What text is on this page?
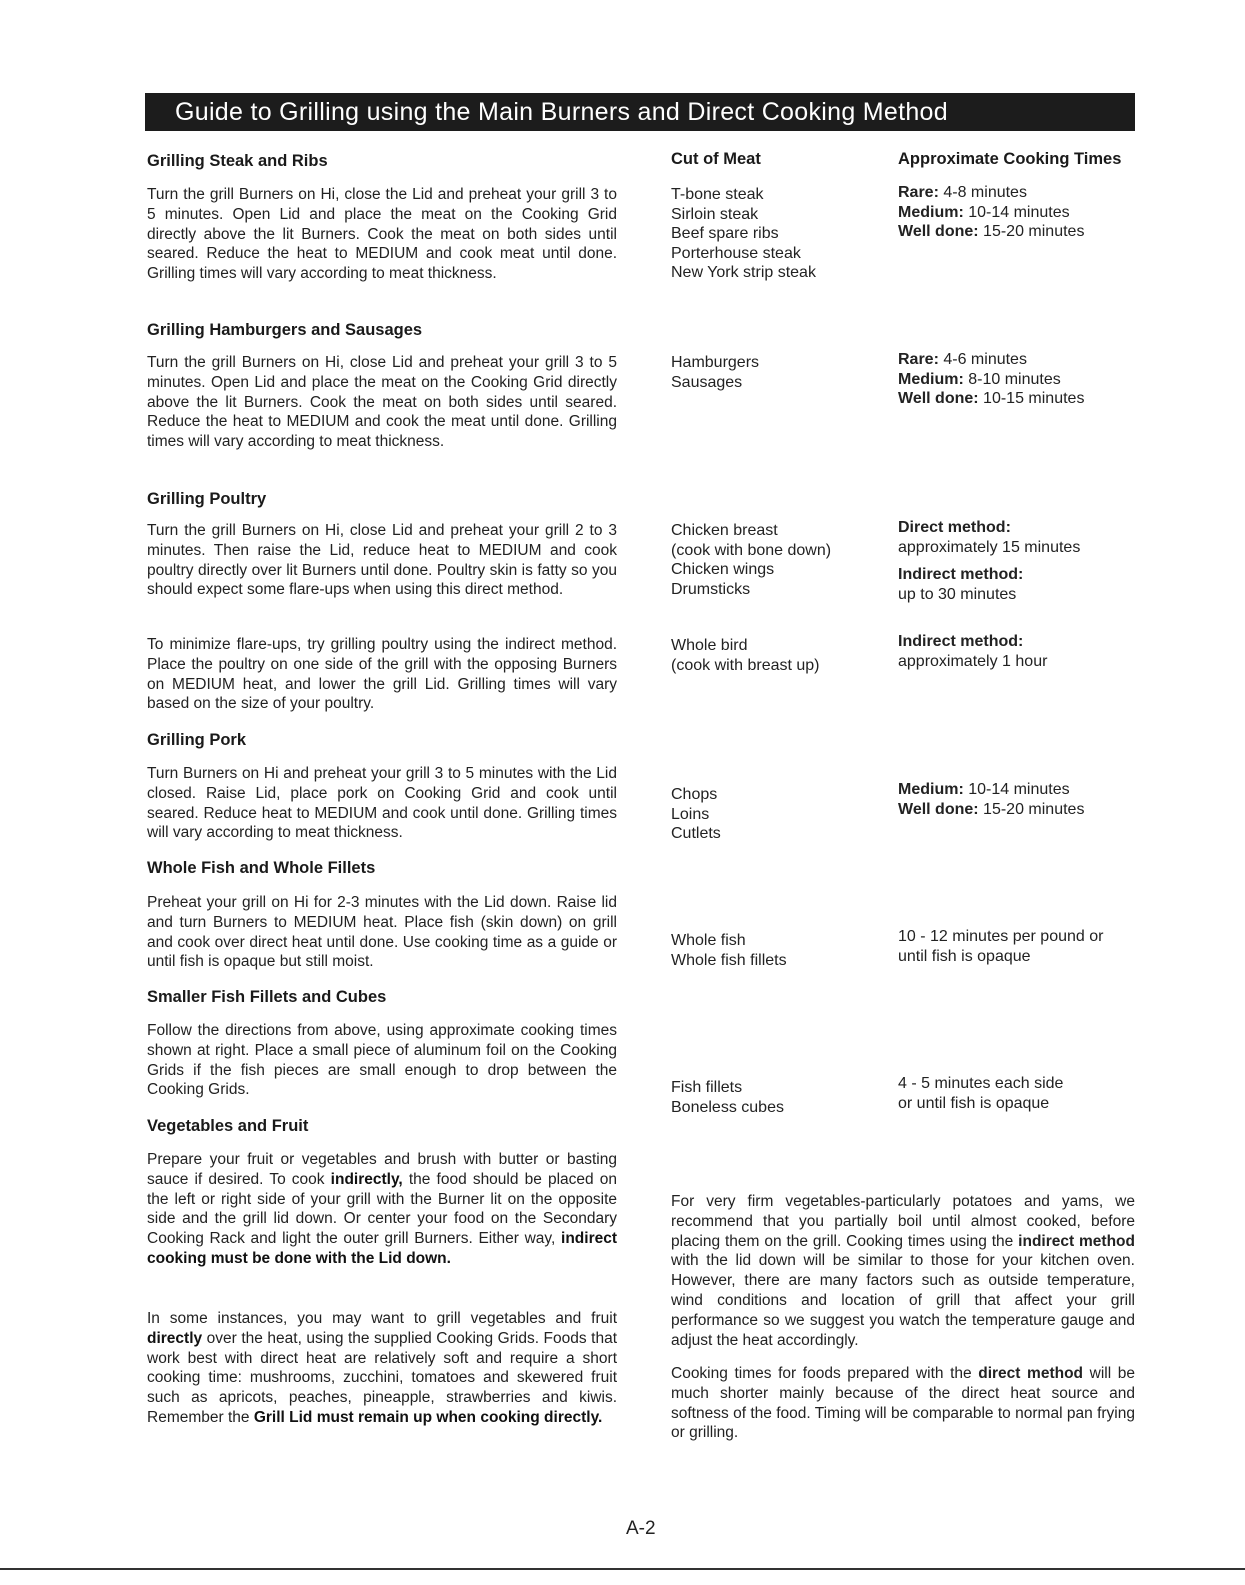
Guide to Grilling using the Main Burners and Direct Cooking Method
Cut of Meat	Approximate Cooking Times
Grilling Steak and Ribs
Turn the grill Burners on Hi, close the Lid and preheat your grill 3 to 5 minutes. Open Lid and place the meat on the Cooking Grid directly above the lit Burners. Cook the meat on both sides until seared. Reduce the heat to MEDIUM and cook meat until done. Grilling times will vary according to meat thickness.
T-bone steak
Sirloin steak
Beef spare ribs
Porterhouse steak
New York strip steak
Rare: 4-8 minutes
Medium: 10-14 minutes
Well done: 15-20 minutes
Grilling Hamburgers and Sausages
Turn the grill Burners on Hi, close Lid and preheat your grill 3 to 5 minutes. Open Lid and place the meat on the Cooking Grid directly above the lit Burners. Cook the meat on both sides until seared. Reduce the heat to MEDIUM and cook the meat until done. Grilling times will vary according to meat thickness.
Hamburgers
Sausages
Rare: 4-6 minutes
Medium: 8-10 minutes
Well done: 10-15 minutes
Grilling Poultry
Turn the grill Burners on Hi, close Lid and preheat your grill 2 to 3 minutes. Then raise the Lid, reduce heat to MEDIUM and cook poultry directly over lit Burners until done. Poultry skin is fatty so you should expect some flare-ups when using this direct method.
To minimize flare-ups, try grilling poultry using the indirect method. Place the poultry on one side of the grill with the opposing Burners on MEDIUM heat, and lower the grill Lid. Grilling times will vary based on the size of your poultry.
Chicken breast
(cook with bone down)
Chicken wings
Drumsticks
Direct method:
approximately 15 minutes
Indirect method:
up to 30 minutes
Whole bird
(cook with breast up)
Indirect method:
approximately 1 hour
Grilling Pork
Turn Burners on Hi and preheat your grill 3 to 5 minutes with the Lid closed. Raise Lid, place pork on Cooking Grid and cook until seared. Reduce heat to MEDIUM and cook until done. Grilling times will vary according to meat thickness.
Chops
Loins
Cutlets
Medium: 10-14 minutes
Well done: 15-20 minutes
Whole Fish and Whole Fillets
Preheat your grill on Hi for 2-3 minutes with the Lid down. Raise lid and turn Burners to MEDIUM heat. Place fish (skin down) on grill and cook over direct heat until done. Use cooking time as a guide or until fish is opaque but still moist.
Whole fish
Whole fish fillets
10 - 12 minutes per pound or
until fish is opaque
Smaller Fish Fillets and Cubes
Follow the directions from above, using approximate cooking times shown at right. Place a small piece of aluminum foil on the Cooking Grids if the fish pieces are small enough to drop between the Cooking Grids.	Fish fillets
Boneless cubes
4 - 5 minutes each side
or until fish is opaque
Vegetables and Fruit
Prepare your fruit or vegetables and brush with butter or basting sauce if desired. To cook indirectly, the food should be placed on the left or right side of your grill with the Burner lit on the opposite side and the grill lid down. Or center your food on the Secondary Cooking Rack and light the outer grill Burners. Either way, indirect cooking must be done with the Lid down.
In some instances, you may want to grill vegetables and fruit directly over the heat, using the supplied Cooking Grids. Foods that work best with direct heat are relatively soft and require a short cooking time: mushrooms, zucchini, tomatoes and skewered fruit such as apricots, peaches, pineapple, strawberries and kiwis. Remember the Grill Lid must remain up when cooking directly.
For very firm vegetables-particularly potatoes and yams, we recommend that you partially boil until almost cooked, before placing them on the grill. Cooking times using the indirect method with the lid down will be similar to those for your kitchen oven. However, there are many factors such as outside temperature, wind conditions and location of grill that affect your grill performance so we suggest you watch the temperature gauge and adjust the heat accordingly.
Cooking times for foods prepared with the direct method will be much shorter mainly because of the direct heat source and softness of the food. Timing will be comparable to normal pan frying or grilling.
A-2
